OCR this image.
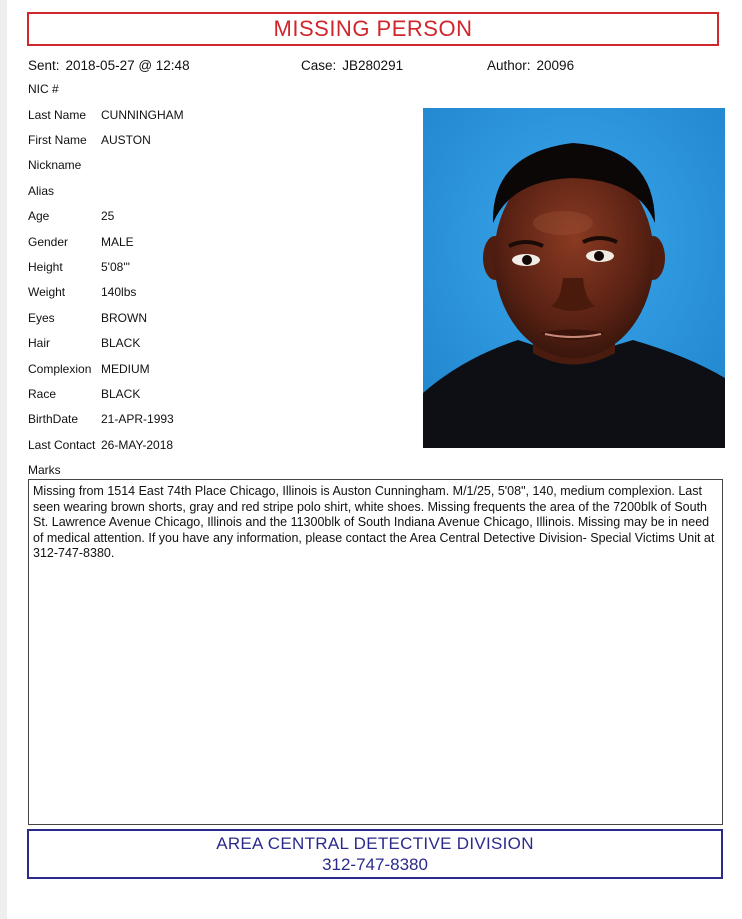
MISSING PERSON
Sent: 2018-05-27 @ 12:48	Case: JB280291	Author: 20096
NIC #
Last Name CUNNINGHAM
First Name AUSTON
Nickname
Alias
Age	25
Gender	MALE
Height	5'08'"
Weight	140lbs
Eyes	BROWN
Hair	BLACK
Complexion MEDIUM
Race	BLACK
BirthDate 21-APR-1993
Last Contact 26-MAY-2018
Marks
Missing from 1514 East 74th Place Chicago, Illinois is Auston Cunningham. M/1/25, 5'08", 140, medium complexion. Last seen wearing brown shorts, gray and red stripe polo shirt, white shoes. Missing frequents the area of the 7200blk of South St. Lawrence Avenue Chicago, Illinois and the 11300blk of South Indiana Avenue Chicago, Illinois. Missing may be in need of medical attention. If you have any information, please contact the Area Central Detective Division- Special Victims Unit at 312-747-8380.
AREA CENTRAL DETECTIVE DIVISION
312-747-8380
